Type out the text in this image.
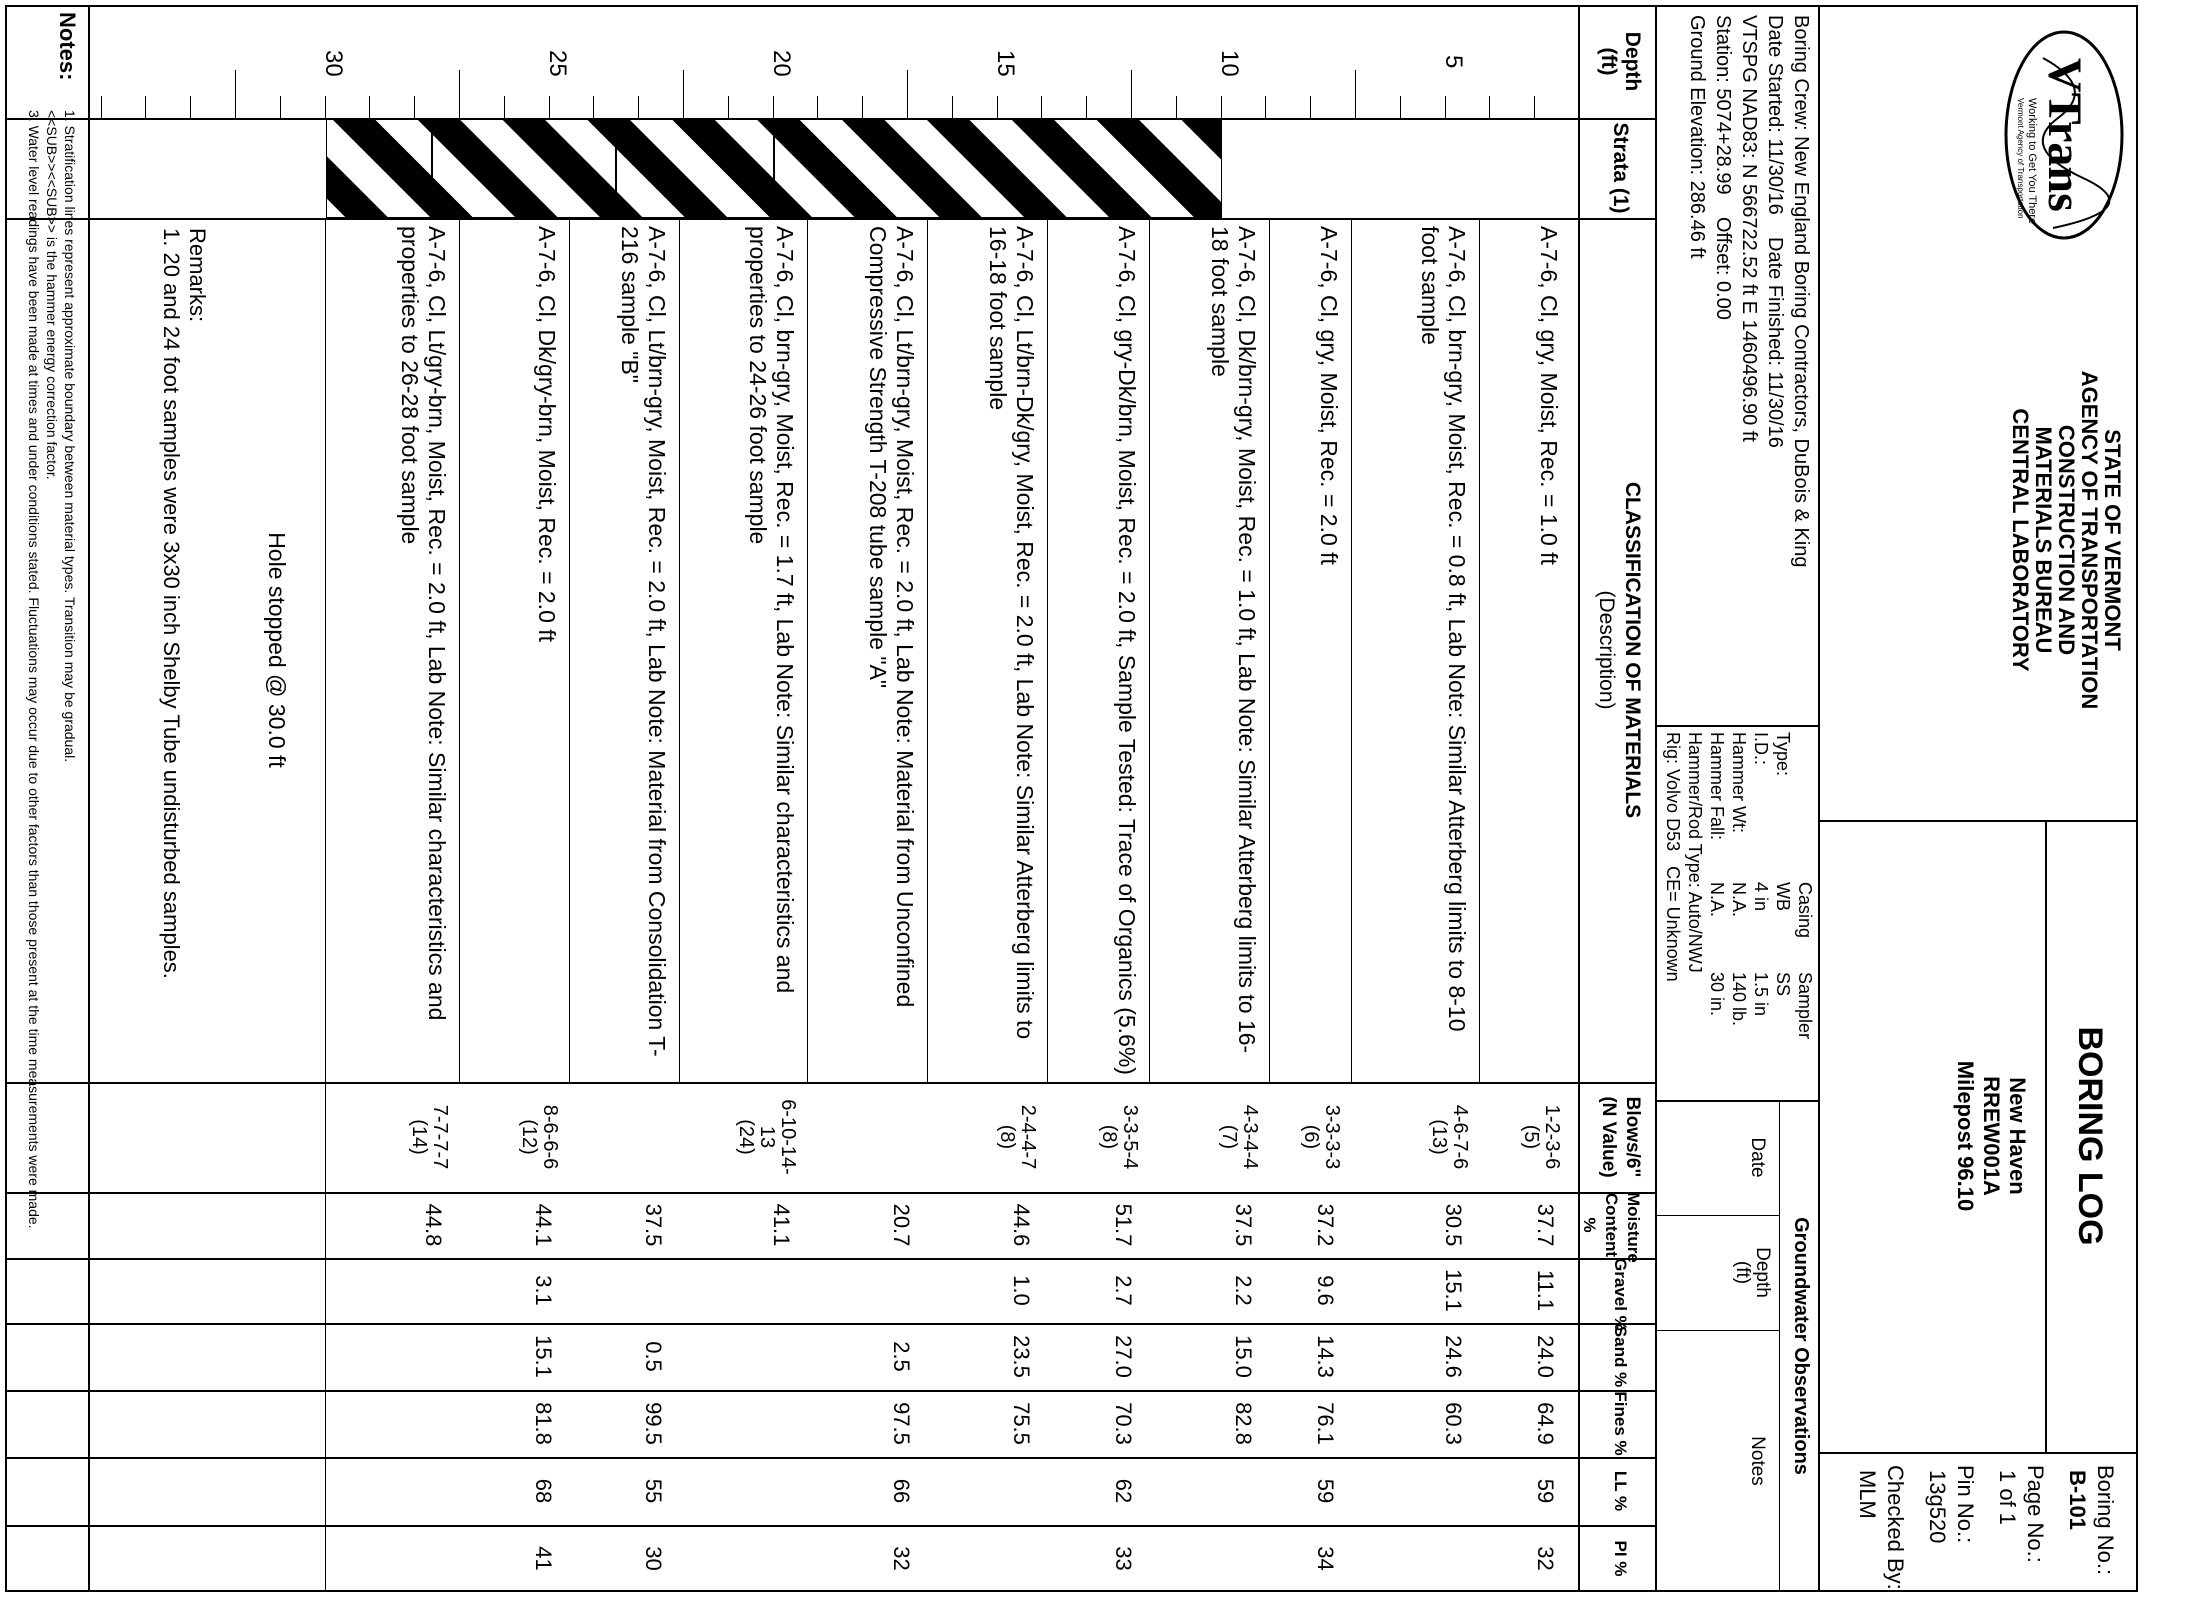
VTrans
Working to Get You There
Vermont Agency of Transportation
STATE OF VERMONT
AGENCY OF TRANSPORTATION
CONSTRUCTION AND
MATERIALS BUREAU
CENTRAL LABORATORY
BORING LOG
New Haven
RREW001A
Milepost 96.10
Boring No.:
B-101
Page No.:
1 of 1
Pin No.:
13g520
Checked By:
MLM
Boring Crew: New England Boring Contractors, DuBois & King
Date Started: 11/30/16    Date Finished: 11/30/16
VTSPG NAD83: N 566722.52 ft E 1460496.90 ft
Station: 5074+28.99    Offset: 0.00
Ground Elevation: 286.46 ft
Casing
Sampler
Type:
WB
SS
I.D.:
4 in
1.5 in
Hammer Wt:
N.A.
140 lb.
Hammer Fall:
N.A.
30 in.
Hammer/Rod Type: Auto/NWJ
Rig: Volvo D53   CE= Unknown
Groundwater Observations
Date
Depth
(ft)
Notes
Depth
(ft)
Strata (1)
CLASSIFICATION OF MATERIALS
(Description)
Blows/6"
(N Value)
Moisture
Content %
Gravel %
Sand %
Fines %
LL %
PI %
5
10
15
20
25
30
A-7-6, Cl, gry, Moist, Rec. = 1.0 ft
1-2-3-6
(5)
37.7
11.1
24.0
64.9
59
32
A-7-6, Cl, brn-gry, Moist, Rec. = 0.8 ft, Lab Note: Similar Atterberg limits to 8-10 foot sample
4-6-7-6
(13)
30.5
15.1
24.6
60.3
A-7-6, Cl, gry, Moist, Rec. = 2.0 ft
3-3-3-3
(6)
37.2
9.6
14.3
76.1
59
34
A-7-6, Cl, Dk/brn-gry, Moist, Rec. = 1.0 ft, Lab Note: Similar Atterberg limits to 16-18 foot sample
4-3-4-4
(7)
37.5
2.2
15.0
82.8
A-7-6, Cl, gry-Dk/brn, Moist, Rec. = 2.0 ft, Sample Tested: Trace of Organics (5.6%)
3-3-5-4
(8)
51.7
2.7
27.0
70.3
62
33
A-7-6, Cl, Lt/brn-Dk/gry, Moist, Rec. = 2.0 ft, Lab Note: Similar Atterberg limits to 16-18 foot sample
2-4-4-7
(8)
44.6
1.0
23.5
75.5
A-7-6, Cl, Lt/brn-gry, Moist, Rec. = 2.0 ft, Lab Note: Material from Unconfined Compressive Strength T-208 tube sample "A"
20.7
2.5
97.5
66
32
A-7-6, Cl, brn-gry, Moist, Rec. = 1.7 ft, Lab Note: Similar characteristics and properties to 24-26 foot sample
6-10-14-
13
(24)
41.1
A-7-6, Cl, Lt/brn-gry, Moist, Rec. = 2.0 ft, Lab Note: Material from Consolidation T-216 sample "B"
37.5
0.5
99.5
55
30
A-7-6, Cl, Dk/gry-brn, Moist, Rec. = 2.0 ft
8-6-6-6
(12)
44.1
3.1
15.1
81.8
68
41
A-7-6, Cl, Lt/gry-brn, Moist, Rec. = 2.0 ft, Lab Note: Similar characteristics and properties to 26-28 foot sample
7-7-7-7
(14)
44.8
Hole stopped @ 30.0 ft
Remarks:
1. 20 and 24 foot samples were 3x30 inch Shelby Tube undisturbed samples.
Notes:
1. Stratification lines represent approximate boundary between material types. Transition may be gradual.
<<SUB>><<SUB>> is the hammer energy correction factor.
3. Water level readings have been made at times and under conditions stated. Fluctuations may occur due to other factors than those present at the time measurements were made.
